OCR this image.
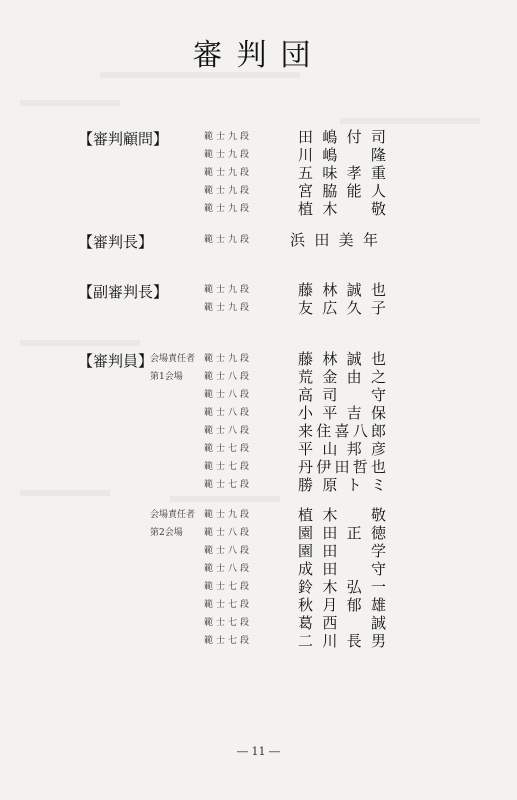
審判団
【審判顧問】	範士九段	田嶋付司
範士九段	川嶋　隆
範士九段	五味孝重
範士九段	宮脇能人
範士九段	植木　敬
【審判長】	範士九段	浜田美年
【副審判長】	範士九段	藤林誠也
範士九段	友広久子
【審判員】
会場責任者 範士九段	藤林誠也
第1会場	範士八段	荒金由之
範士八段	高司　守
範士八段	小平吉保
範士八段	来住喜八郎
範士七段	平山邦彦
範士七段	丹伊田哲也
範士七段	勝原トミ
会場責任者 範士九段	植木　敬
第2会場	範士八段	園田正徳
範士八段	園田　学
範士八段	成田　守
範士七段	鈴木弘一
範士七段	秋月郁雄
範士七段	葛西　誠
範士七段	二川長男
― 11 ―
